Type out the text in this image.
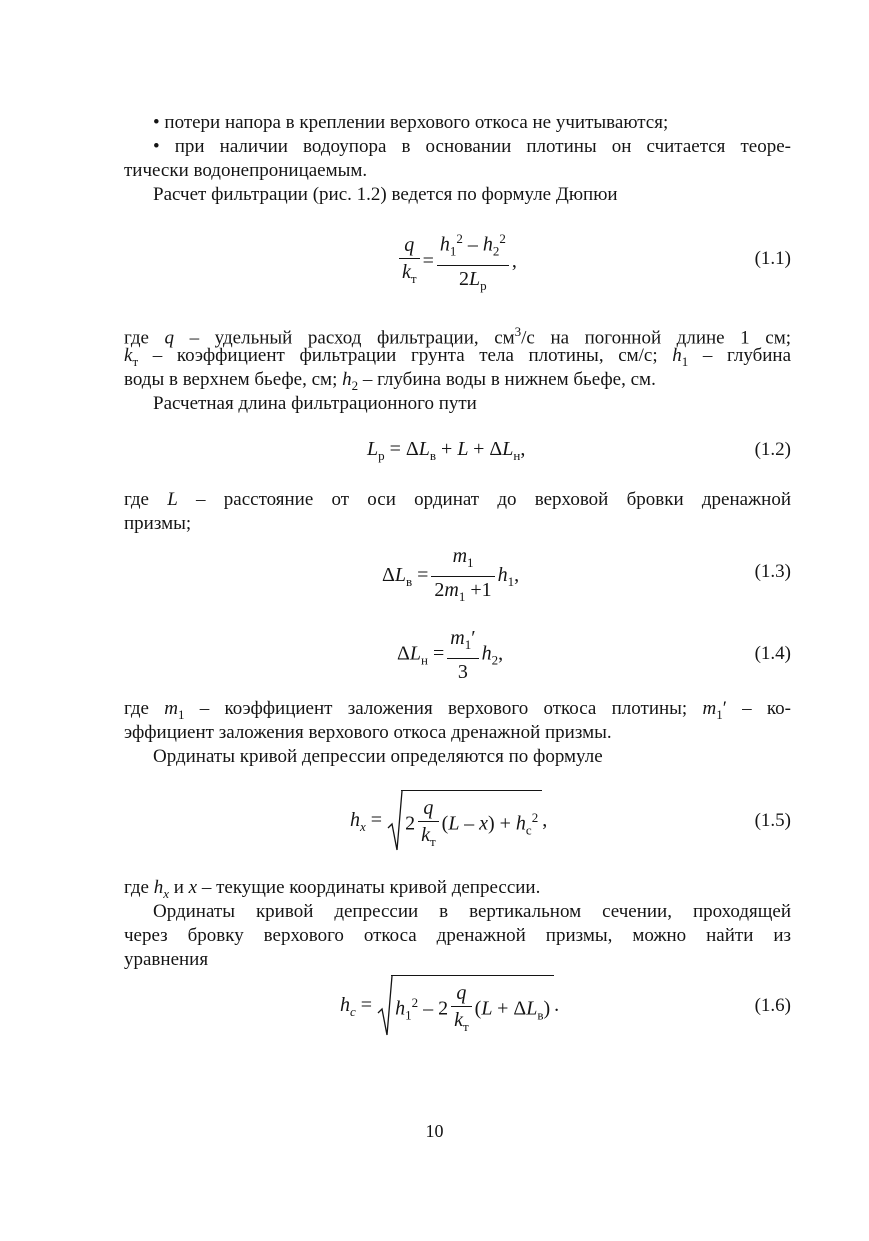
• потери напора в креплении верхового откоса не учитываются;
• при наличии водоупора в основании плотины он считается теоре-
тически водонепроницаемым.
Расчет фильтрации (рис. 1.2) ведется по формуле Дюпюи
$\frac{q}{k_т} = \frac{h_1^2 - h_2^2}{2L_р}$ ,	(1.1)
где q – удельный расход фильтрации, $см^3/с$ на погонной длине 1 см;
$k_т$ – коэффициент фильтрации грунта тела плотины, см/с; $h_1$ – глубина
воды в верхнем бьефе, см; $h_2$ – глубина воды в нижнем бьефе, см.
Расчетная длина фильтрационного пути
$L_р = \Delta L_в + L + \Delta L_н$,	(1.2)
где L – расстояние от оси ординат до верховой бровки дренажной
призмы;
$\Delta L_в = \frac{m_1}{2m_1 +1} h_1$,	(1.3)
$\Delta L_н = \frac{m_1'}{3} h_2$,	(1.4)
где $m_1$ – коэффициент заложения верхового откоса плотины; $m_1' - ко-$
эффициент заложения верхового откоса дренажной призмы.
Ординаты кривой депрессии определяются по формуле
$h_x = 2 \frac{q}{k_т} (L - x) + h_c^2$ ,	(1.5)
где $h_x$ и x – текущие координаты кривой депрессии.
Ординаты кривой депрессии в вертикальном сечении, проходящей
через бровку верхового откоса дренажной призмы, можно найти из
уравнения
$h_c = h_1^2 - 2 \frac{q}{k_т} (L + \Delta L_в)$ .	(1.6)
10
